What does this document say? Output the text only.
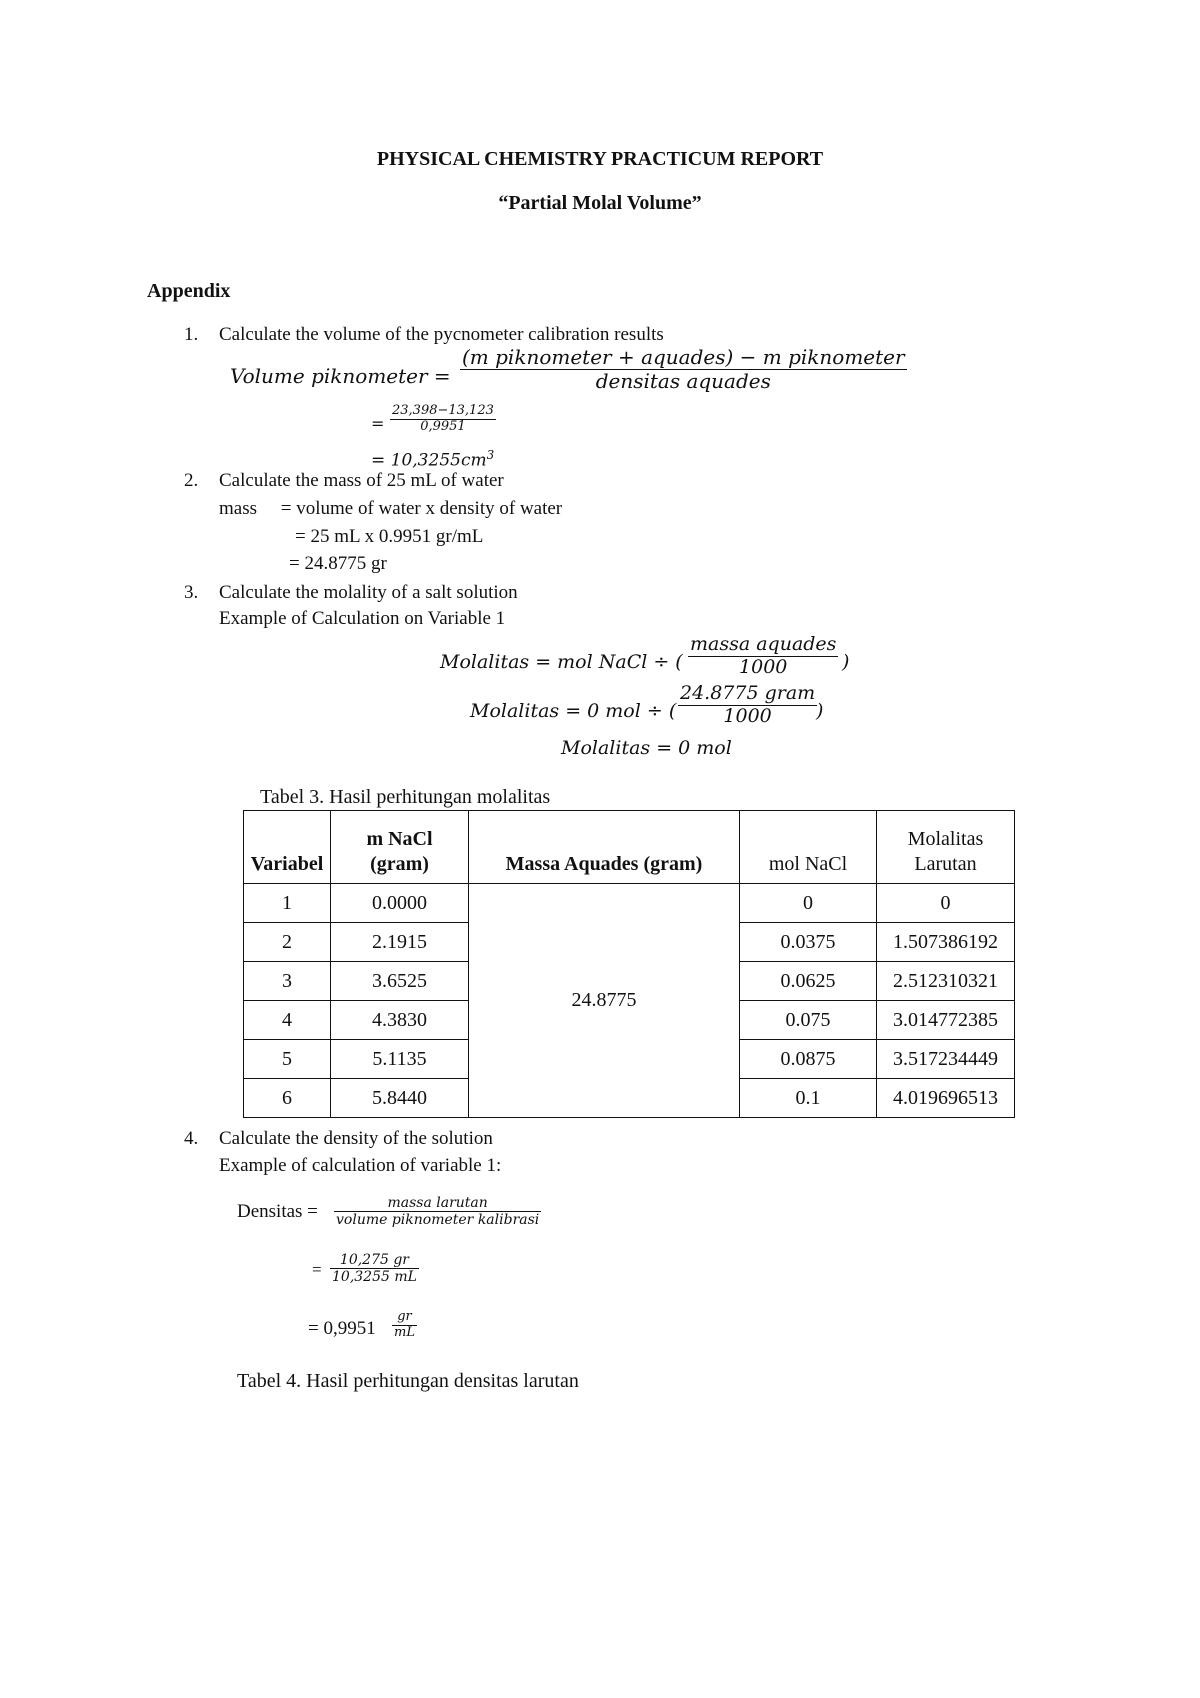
PHYSICAL CHEMISTRY PRACTICUM REPORT
“Partial Molal Volume”
Appendix
1. Calculate the volume of the pycnometer calibration results
Volume piknometer =
(m piknometer + aquades) − m piknometer
densitas aquades
=
23,398−13,123
0,9951
= $10,3255cm^3$
2. Calculate the mass of 25 mL of water
mass     = volume of water x density of water
= 25 mL x 0.9951 gr/mL
= 24.8775 gr
3. Calculate the molality of a salt solution
Example of Calculation on Variable 1
Molalitas = mol NaCl ÷ (
massa aquades
1000	)
Molalitas = 0 mol ÷ (
24.8775 gram
1000 )
Molalitas = 0 mol
Tabel 3. Hasil perhitungan molalitas
Variabel	m NaCl (gram)	Massa Aquades (gram)	mol NaCl	Molalitas Larutan
1	0.0000	24.8775	0	0
2	2.1915		0.0375	1.507386192
3	3.6525		0.0625	2.512310321
4	4.3830		0.075	3.014772385
5	5.1135		0.0875	3.517234449
6	5.8440		0.1	4.019696513
4. Calculate the density of the solution
Example of calculation of variable 1:
Densitas =	massa larutan
volume piknometer kalibrasi
= 10,275 gr
10,3255 mL
= 0,9951
gr
mL
Tabel 4. Hasil perhitungan densitas larutan
